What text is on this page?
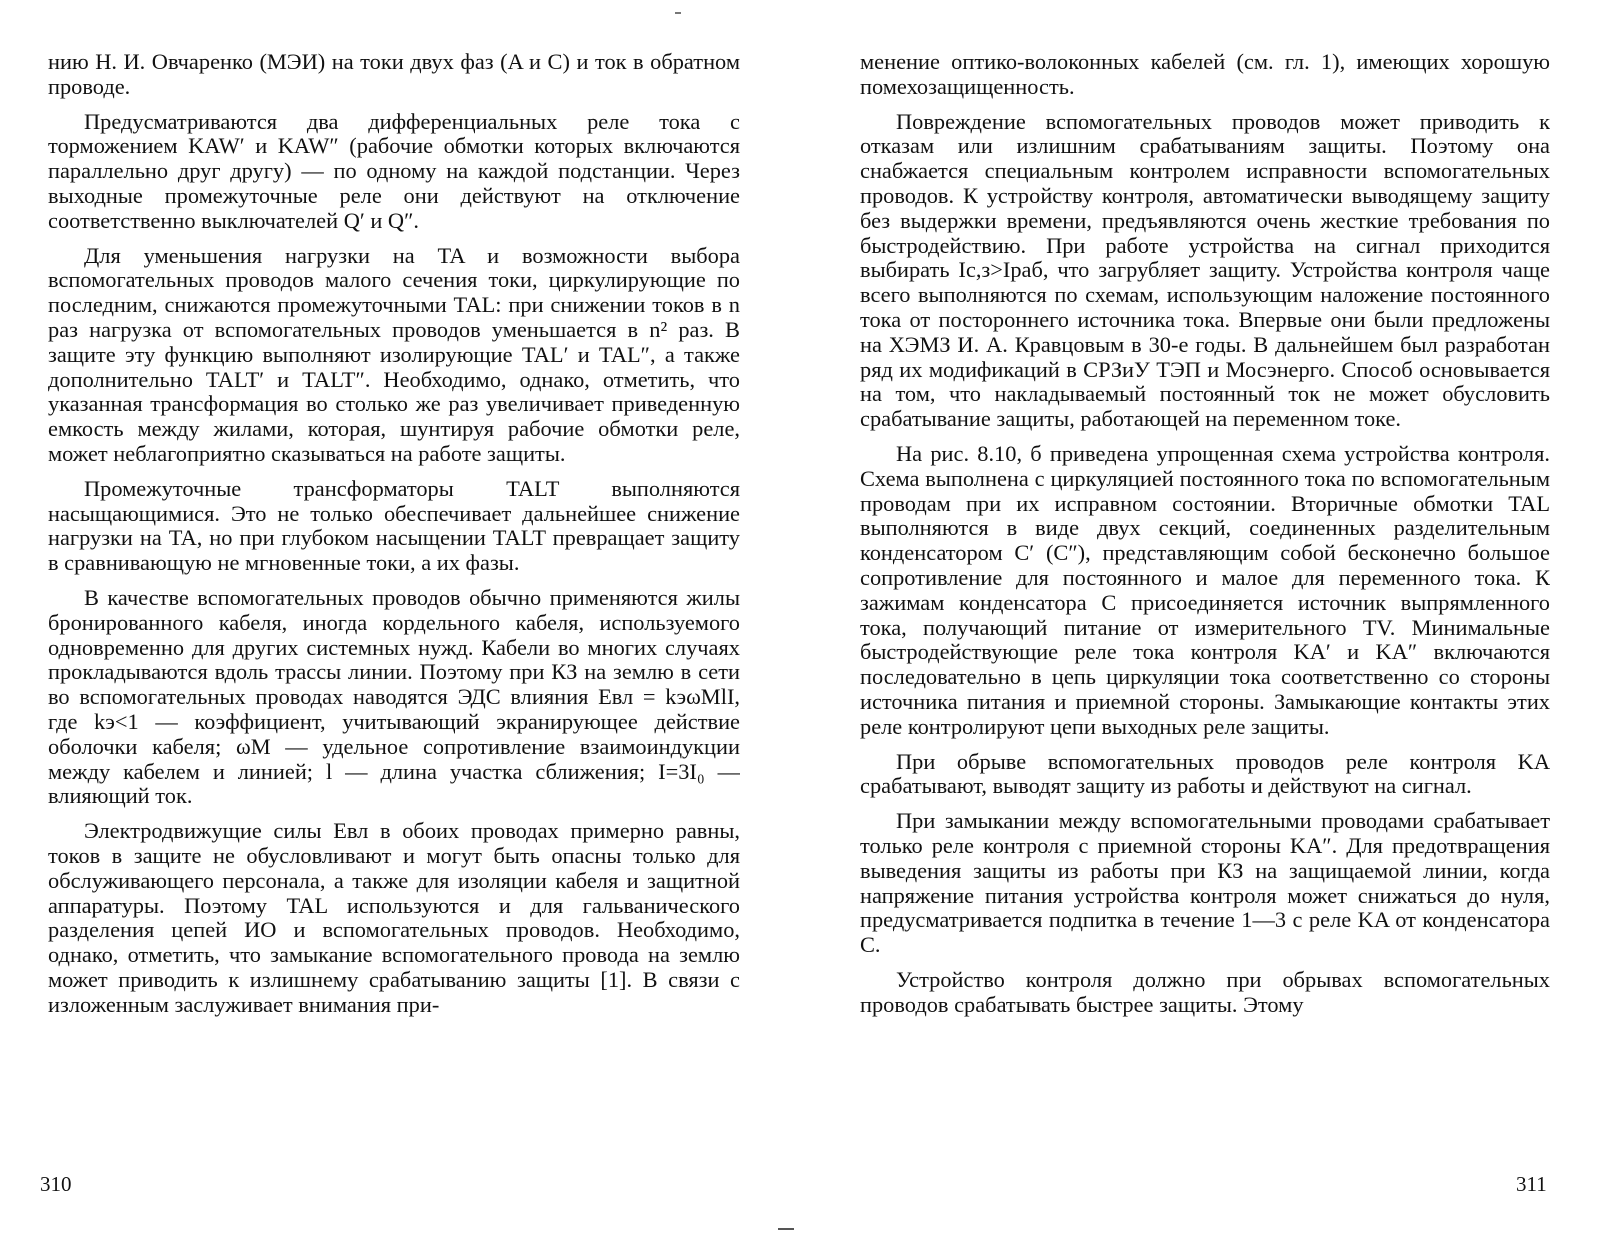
нию Н. И. Овчаренко (МЭИ) на токи двух фаз (A и C) и ток в обратном проводе.

Предусматриваются два дифференциальных реле тока с торможением KAW′ и KAW″ (рабочие обмотки которых включаются параллельно друг другу) — по одному на каждой подстанции. Через выходные промежуточные реле они действуют на отключение соответственно выключателей Q′ и Q″.

Для уменьшения нагрузки на TA и возможности выбора вспомогательных проводов малого сечения токи, циркулирующие по последним, снижаются промежуточными TAL: при снижении токов в n раз нагрузка от вспомогательных проводов уменьшается в n² раз. В защите эту функцию выполняют изолирующие TAL′ и TAL″, а также дополнительно TALT′ и TALT″. Необходимо, однако, отметить, что указанная трансформация во столько же раз увеличивает приведенную емкость между жилами, которая, шунтируя рабочие обмотки реле, может неблагоприятно сказываться на работе защиты.

Промежуточные трансформаторы TALT выполняются насыщающимися. Это не только обеспечивает дальнейшее снижение нагрузки на TA, но при глубоком насыщении TALT превращает защиту в сравнивающую не мгновенные токи, а их фазы.

В качестве вспомогательных проводов обычно применяются жилы бронированного кабеля, иногда кордельного кабеля, используемого одновременно для других системных нужд. Кабели во многих случаях прокладываются вдоль трассы линии. Поэтому при КЗ на землю в сети во вспомогательных проводах наводятся ЭДС влияния Eвл = kэωMlI, где kэ<1 — коэффициент, учитывающий экранирующее действие оболочки кабеля; ωM — удельное сопротивление взаимоиндукции между кабелем и линией; l — длина участка сближения; I=3I₀ — влияющий ток.

Электродвижущие силы Eвл в обоих проводах примерно равны, токов в защите не обусловливают и могут быть опасны только для обслуживающего персонала, а также для изоляции кабеля и защитной аппаратуры. Поэтому TAL используются и для гальванического разделения цепей ИО и вспомогательных проводов. Необходимо, однако, отметить, что замыкание вспомогательного провода на землю может приводить к излишнему срабатыванию защиты [1]. В связи с изложенным заслуживает внимания при-

310

менение оптико-волоконных кабелей (см. гл. 1), имеющих хорошую помехозащищенность.

Повреждение вспомогательных проводов может приводить к отказам или излишним срабатываниям защиты. Поэтому она снабжается специальным контролем исправности вспомогательных проводов. К устройству контроля, автоматически выводящему защиту без выдержки времени, предъявляются очень жесткие требования по быстродействию. При работе устройства на сигнал приходится выбирать Iс,з>Iраб, что загрубляет защиту. Устройства контроля чаще всего выполняются по схемам, использующим наложение постоянного тока от постороннего источника тока. Впервые они были предложены на ХЭМЗ И. А. Кравцовым в 30-е годы. В дальнейшем был разработан ряд их модификаций в СРЗиУ ТЭП и Мосэнерго. Способ основывается на том, что накладываемый постоянный ток не может обусловить срабатывание защиты, работающей на переменном токе.

На рис. 8.10, б приведена упрощенная схема устройства контроля. Схема выполнена с циркуляцией постоянного тока по вспомогательным проводам при их исправном состоянии. Вторичные обмотки TAL выполняются в виде двух секций, соединенных разделительным конденсатором C′ (C″), представляющим собой бесконечно большое сопротивление для постоянного и малое для переменного тока. К зажимам конденсатора C присоединяется источник выпрямленного тока, получающий питание от измерительного TV. Минимальные быстродействующие реле тока контроля KA′ и KA″ включаются последовательно в цепь циркуляции тока соответственно со стороны источника питания и приемной стороны. Замыкающие контакты этих реле контролируют цепи выходных реле защиты.

При обрыве вспомогательных проводов реле контроля KA срабатывают, выводят защиту из работы и действуют на сигнал.

При замыкании между вспомогательными проводами срабатывает только реле контроля с приемной стороны KA″. Для предотвращения выведения защиты из работы при КЗ на защищаемой линии, когда напряжение питания устройства контроля может снижаться до нуля, предусматривается подпитка в течение 1—3 с реле KA от конденсатора C.

Устройство контроля должно при обрывах вспомогательных проводов срабатывать быстрее защиты. Этому

311
